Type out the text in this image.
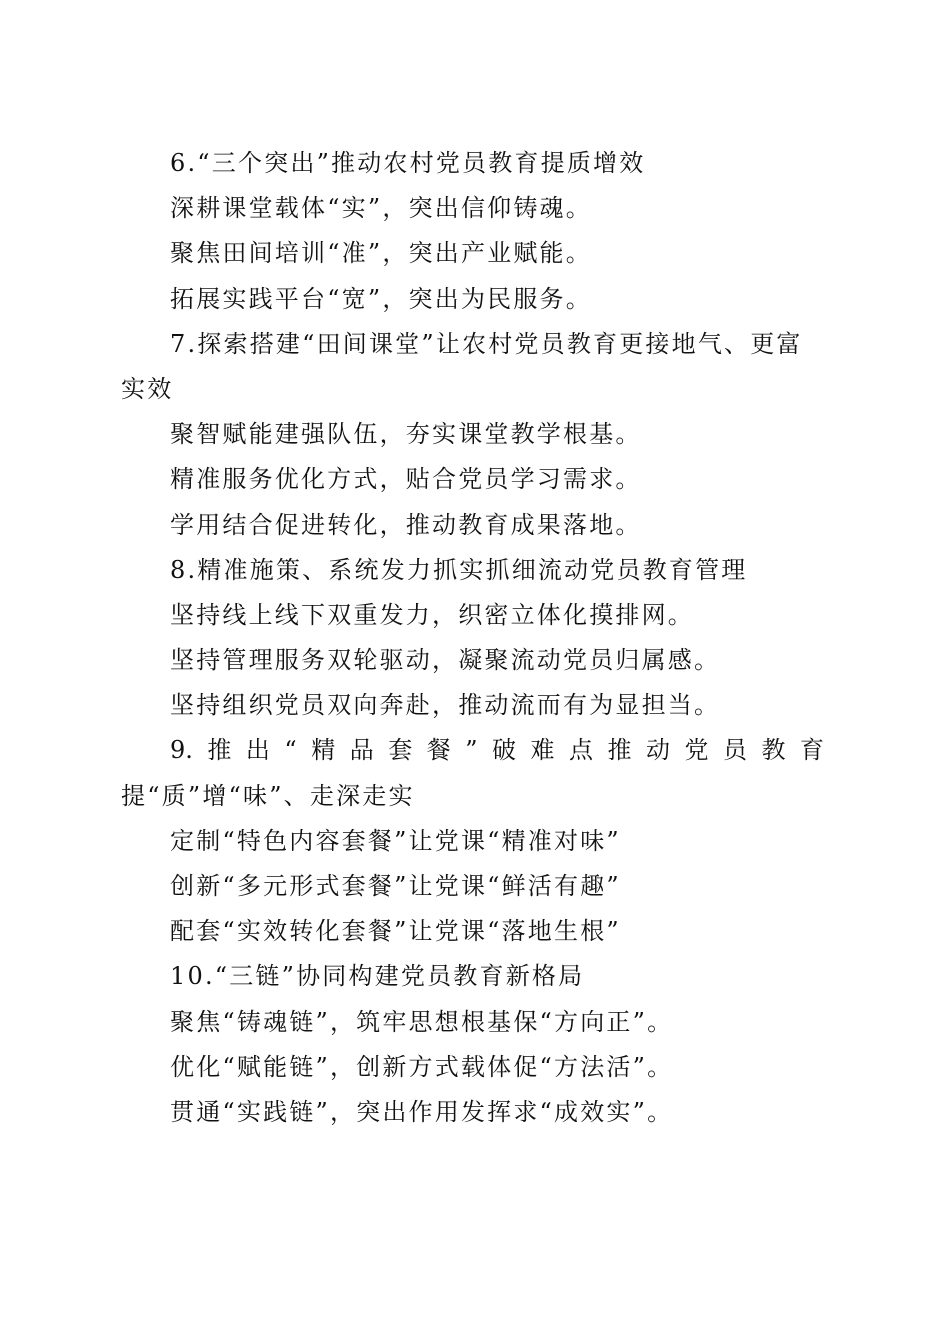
6.“三个突出”推动农村党员教育提质增效
深耕课堂载体“实”，突出信仰铸魂。
聚焦田间培训“准”，突出产业赋能。
拓展实践平台“宽”，突出为民服务。
7.探索搭建“田间课堂”让农村党员教育更接地气、更富
实效
聚智赋能建强队伍，夯实课堂教学根基。
精准服务优化方式，贴合党员学习需求。
学用结合促进转化，推动教育成果落地。
8.精准施策、系统发力抓实抓细流动党员教育管理
坚持线上线下双重发力，织密立体化摸排网。
坚持管理服务双轮驱动，凝聚流动党员归属感。
坚持组织党员双向奔赴，推动流而有为显担当。
9. 推 出 “ 精 品 套 餐 ” 破 难 点 推 动 党 员 教 育
提“质”增“味”、走深走实
定制“特色内容套餐”让党课“精准对味”
创新“多元形式套餐”让党课“鲜活有趣”
配套“实效转化套餐”让党课“落地生根”
10.“三链”协同构建党员教育新格局
聚焦“铸魂链”，筑牢思想根基保“方向正”。
优化“赋能链”，创新方式载体促“方法活”。
贯通“实践链”，突出作用发挥求“成效实”。
